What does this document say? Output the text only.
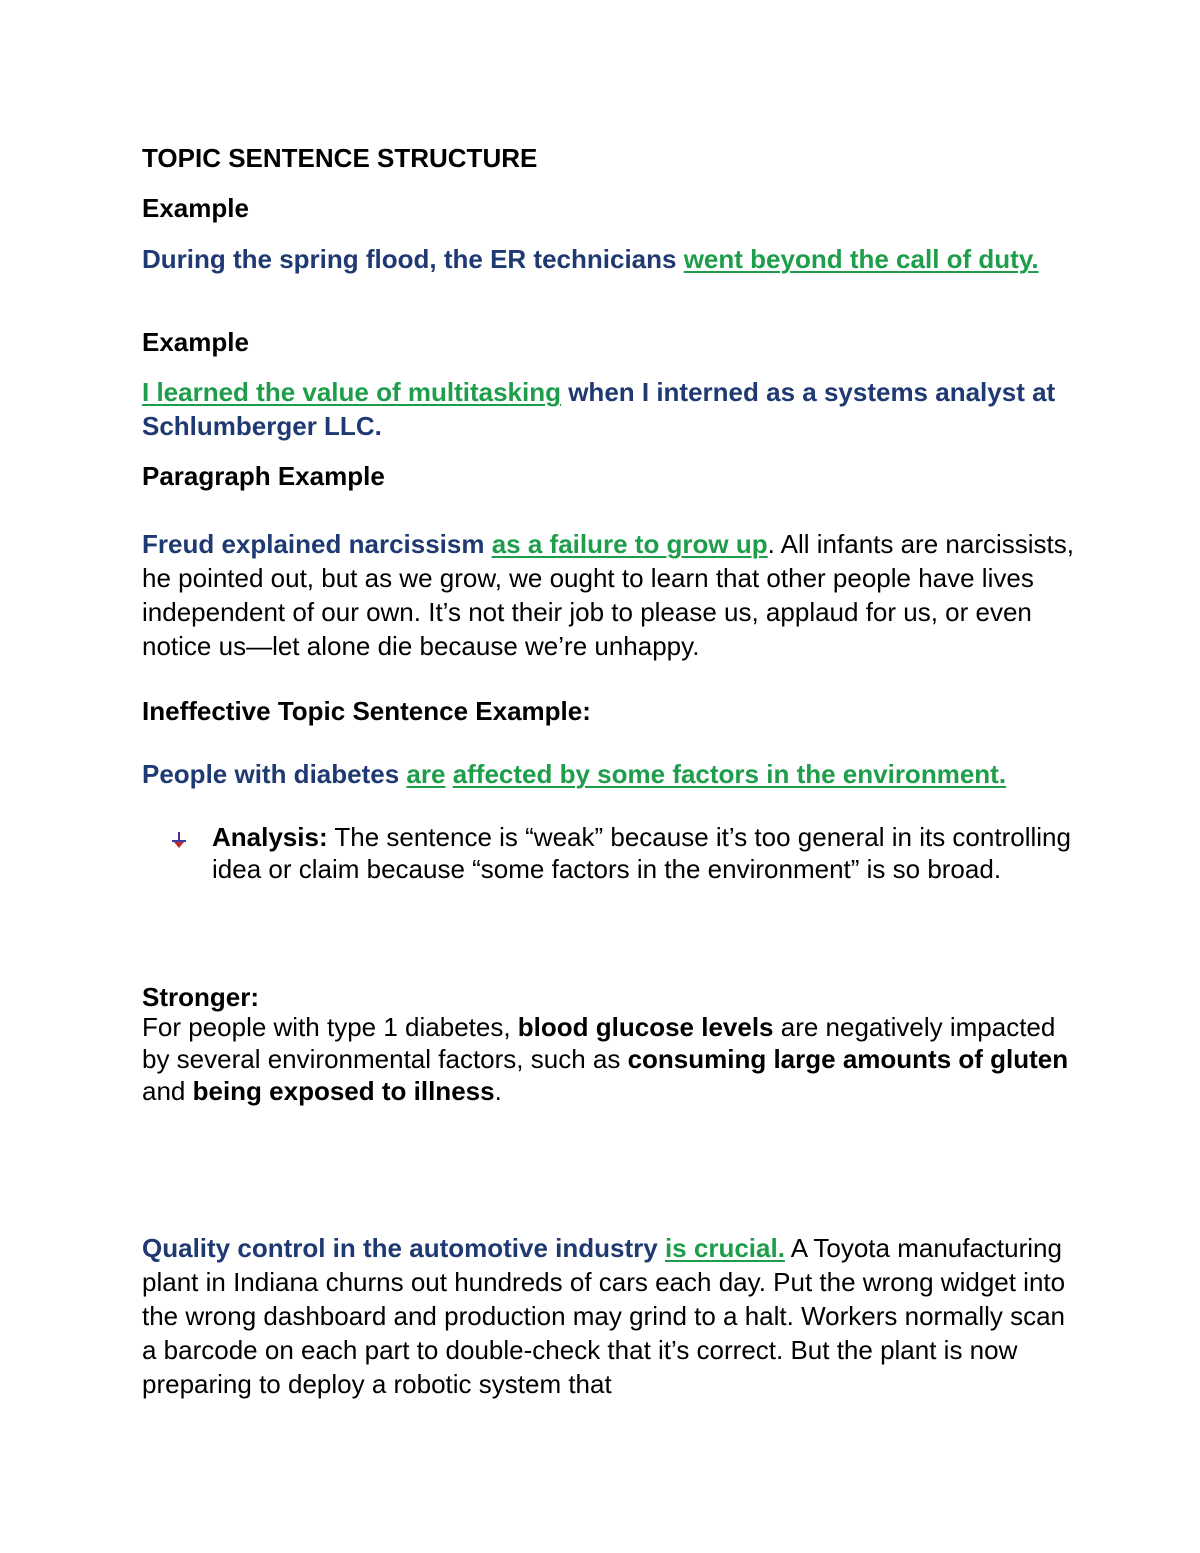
TOPIC SENTENCE STRUCTURE

Example

During the spring flood, the ER technicians went beyond the call of duty.

Example

I learned the value of multitasking when I interned as a systems analyst at Schlumberger LLC.

Paragraph Example

Freud explained narcissism as a failure to grow up. All infants are narcissists, he pointed out, but as we grow, we ought to learn that other people have lives independent of our own. It’s not their job to please us, applaud for us, or even notice us—let alone die because we’re unhappy.

Ineffective Topic Sentence Example:

People with diabetes are affected by some factors in the environment.

Analysis: The sentence is “weak” because it’s too general in its controlling idea or claim because “some factors in the environment” is so broad.

Stronger:

For people with type 1 diabetes, blood glucose levels are negatively impacted by several environmental factors, such as consuming large amounts of gluten and being exposed to illness.

Quality control in the automotive industry is crucial. A Toyota manufacturing plant in Indiana churns out hundreds of cars each day. Put the wrong widget into the wrong dashboard and production may grind to a halt. Workers normally scan a barcode on each part to double-check that it’s correct. But the plant is now preparing to deploy a robotic system that
